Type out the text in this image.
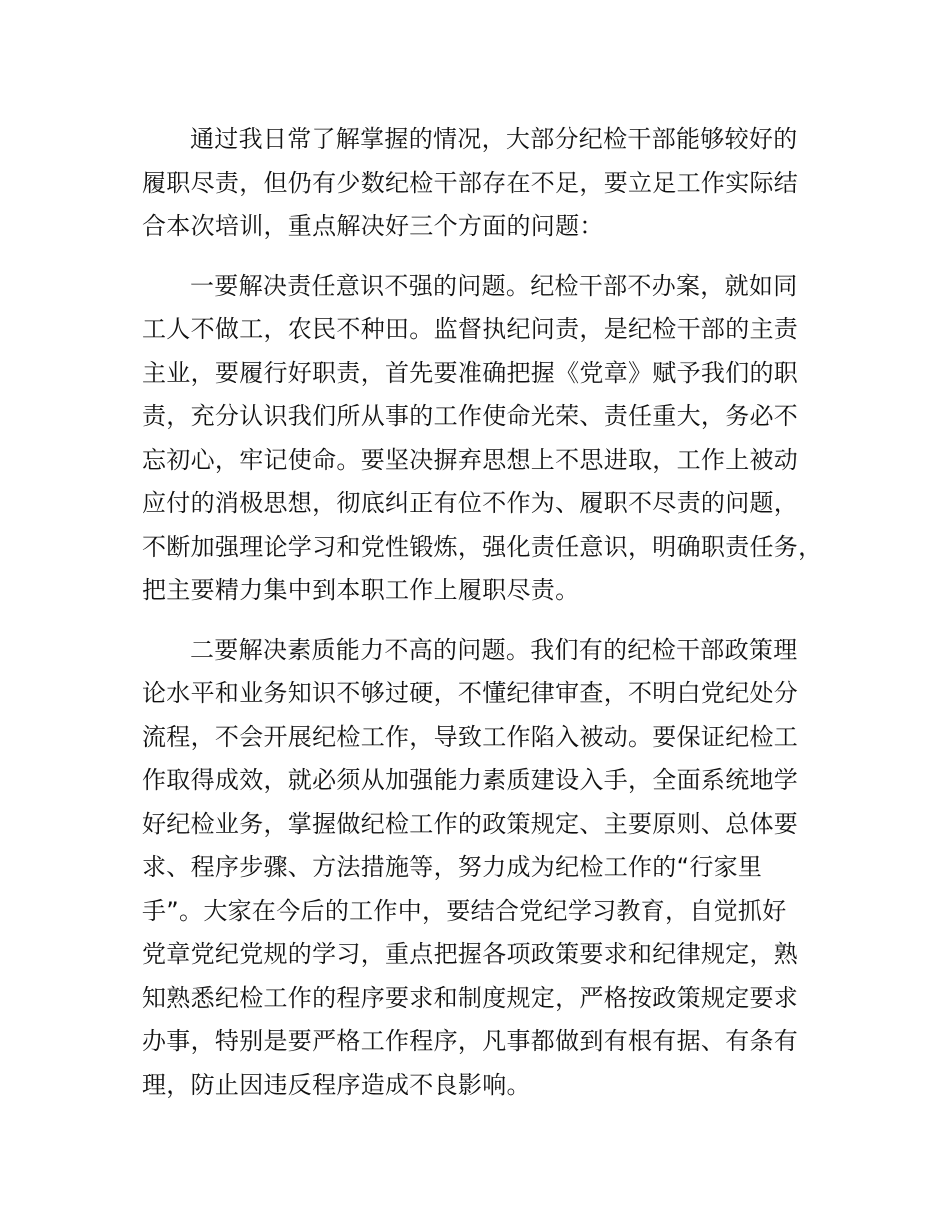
通过我日常了解掌握的情况，大部分纪检干部能够较好的
履职尽责，但仍有少数纪检干部存在不足，要立足工作实际结
合本次培训，重点解决好三个方面的问题：

一要解决责任意识不强的问题。纪检干部不办案，就如同
工人不做工，农民不种田。监督执纪问责，是纪检干部的主责
主业，要履行好职责，首先要准确把握《党章》赋予我们的职
责，充分认识我们所从事的工作使命光荣、责任重大，务必不
忘初心，牢记使命。要坚决摒弃思想上不思进取，工作上被动
应付的消极思想，彻底纠正有位不作为、履职不尽责的问题，
不断加强理论学习和党性锻炼，强化责任意识，明确职责任务，
把主要精力集中到本职工作上履职尽责。

二要解决素质能力不高的问题。我们有的纪检干部政策理
论水平和业务知识不够过硬，不懂纪律审查，不明白党纪处分
流程，不会开展纪检工作，导致工作陷入被动。要保证纪检工
作取得成效，就必须从加强能力素质建设入手，全面系统地学
好纪检业务，掌握做纪检工作的政策规定、主要原则、总体要
求、程序步骤、方法措施等，努力成为纪检工作的“行家里
手”。大家在今后的工作中，要结合党纪学习教育，自觉抓好
党章党纪党规的学习，重点把握各项政策要求和纪律规定，熟
知熟悉纪检工作的程序要求和制度规定，严格按政策规定要求
办事，特别是要严格工作程序，凡事都做到有根有据、有条有
理，防止因违反程序造成不良影响。
